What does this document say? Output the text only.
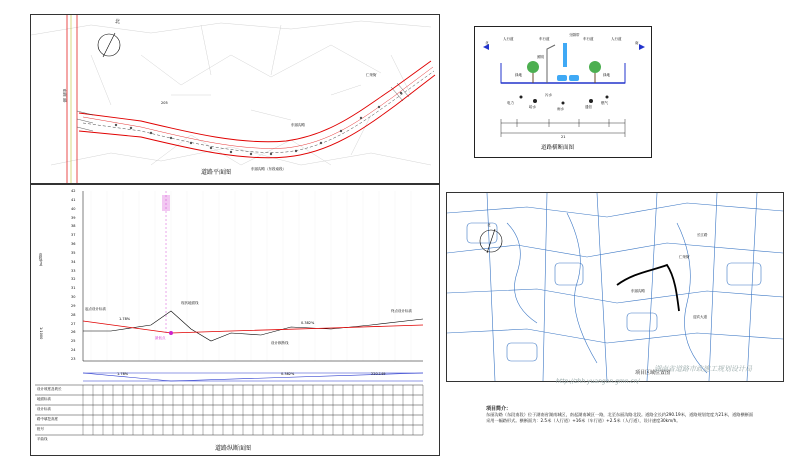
北
道路平面图
南湖门路
东丽沟路
仁荣街
205
东丽沟路（东段南段）
北	南
人行道	车行道
分隔带
车行道	人行道
绿地
照明
绿地
电力
给水	雨水	通信
燃气
污水
21
道路横断面图
42
41
40
39
38
37
36
35
34
33
32
31
30
29
28
27
26
25
24
23
高程(m)
1:1000
起点设计标高	终点设计标高
1.78%
0.382%
最低点
现状地面线
设计纵断线
设计坡度及坡长
地面标高
设计标高
路中填挖高度
桩号
平曲线
1.78%	0.382%	220.149
道路纵断面图
北
东丽沟路
仁荣街
迎宾大道
长江路
项目区域位置图
湖南省道路市政施工规划设计局
http://zhh.yuangon.gmn.cn/
项目简介：
东丽沟路（东段南段）位于湖南省湖南城区，南起湖南城区一路，北至东丽沟路北段。道路全长约290.19米，道路规划宽度为21米，道路横断面采用一幅路形式。横断面为：2.5米（人行道）+16米（车行道）+2.5米（人行道），设计速度30km/h。
